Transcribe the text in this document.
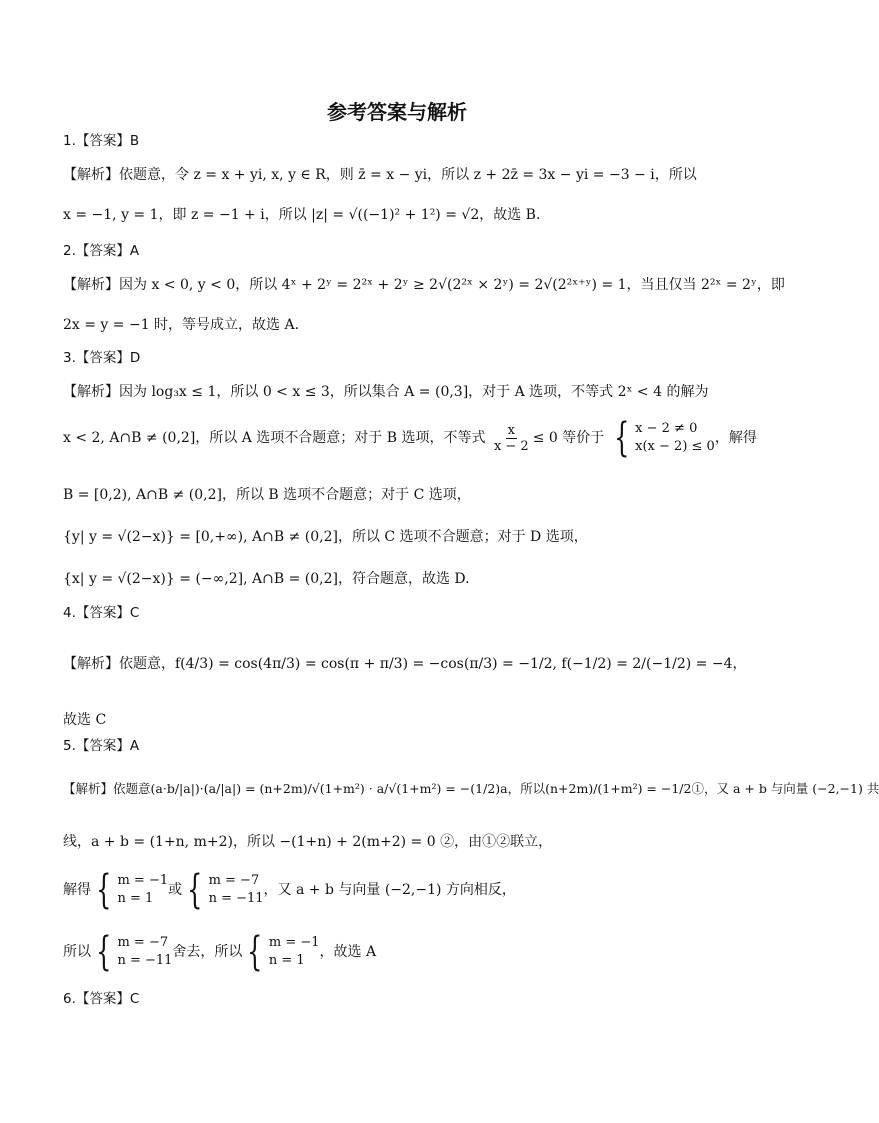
参考答案与解析
1.【答案】B
【解析】依题意，令 z = x + yi, x, y ∈ R，则 z̄ = x − yi，所以 z + 2z̄ = 3x − yi = −3 − i，所以
x = −1, y = 1，即 z = −1 + i，所以 |z| = √((−1)² + 1²) = √2，故选 B.
2.【答案】A
【解析】因为 x < 0, y < 0，所以 4ˣ + 2ʸ = 2²ˣ + 2ʸ ≥ 2√(2²ˣ × 2ʸ) = 2√(2²ˣ⁺ʸ) = 1，当且仅当 2²ˣ = 2ʸ，即
2x = y = −1 时，等号成立，故选 A.
3.【答案】D
【解析】因为 log₃x ≤ 1，所以 0 < x ≤ 3，所以集合 A = (0,3]，对于 A 选项，不等式 2ˣ < 4 的解为
x < 2, A∩B ≠ (0,2]，所以 A 选项不合题意；对于 B 选项，不等式 $\frac{x}{x - 2} \le 0$ 等价于 { x − 2 ≠ 0
x(x − 2) ≤ 0
，解得
B = [0,2), A∩B ≠ (0,2]，所以 B 选项不合题意；对于 C 选项，
{y| y = √(2−x)} = [0,+∞), A∩B ≠ (0,2]，所以 C 选项不合题意；对于 D 选项，
{x| y = √(2−x)} = (−∞,2], A∩B = (0,2]，符合题意，故选 D.
4.【答案】C
【解析】依题意，f(4/3) = cos(4π/3) = cos(π + π/3) = −cos(π/3) = −1/2, f(−1/2) = 2/(−1/2) = −4，
故选 C
5.【答案】A
【解析】依题意(a·b/|a|)·(a/|a|) = (n+2m)/√(1+m²) · a/√(1+m²) = −(1/2)a，所以(n+2m)/(1+m²) = −1/2①，又 a + b 与向量 (−2,−1) 共
线，a + b = (1+n, m+2)，所以 −(1+n) + 2(m+2) = 0 ②，由①②联立，
解得 { m = −1
n = 1
或 { m = −7
n = −11
，又 a + b 与向量 (−2,−1) 方向相反，
所以 { m = −7
n = −11
舍去，所以 { m = −1
n = 1
，故选 A
6.【答案】C
